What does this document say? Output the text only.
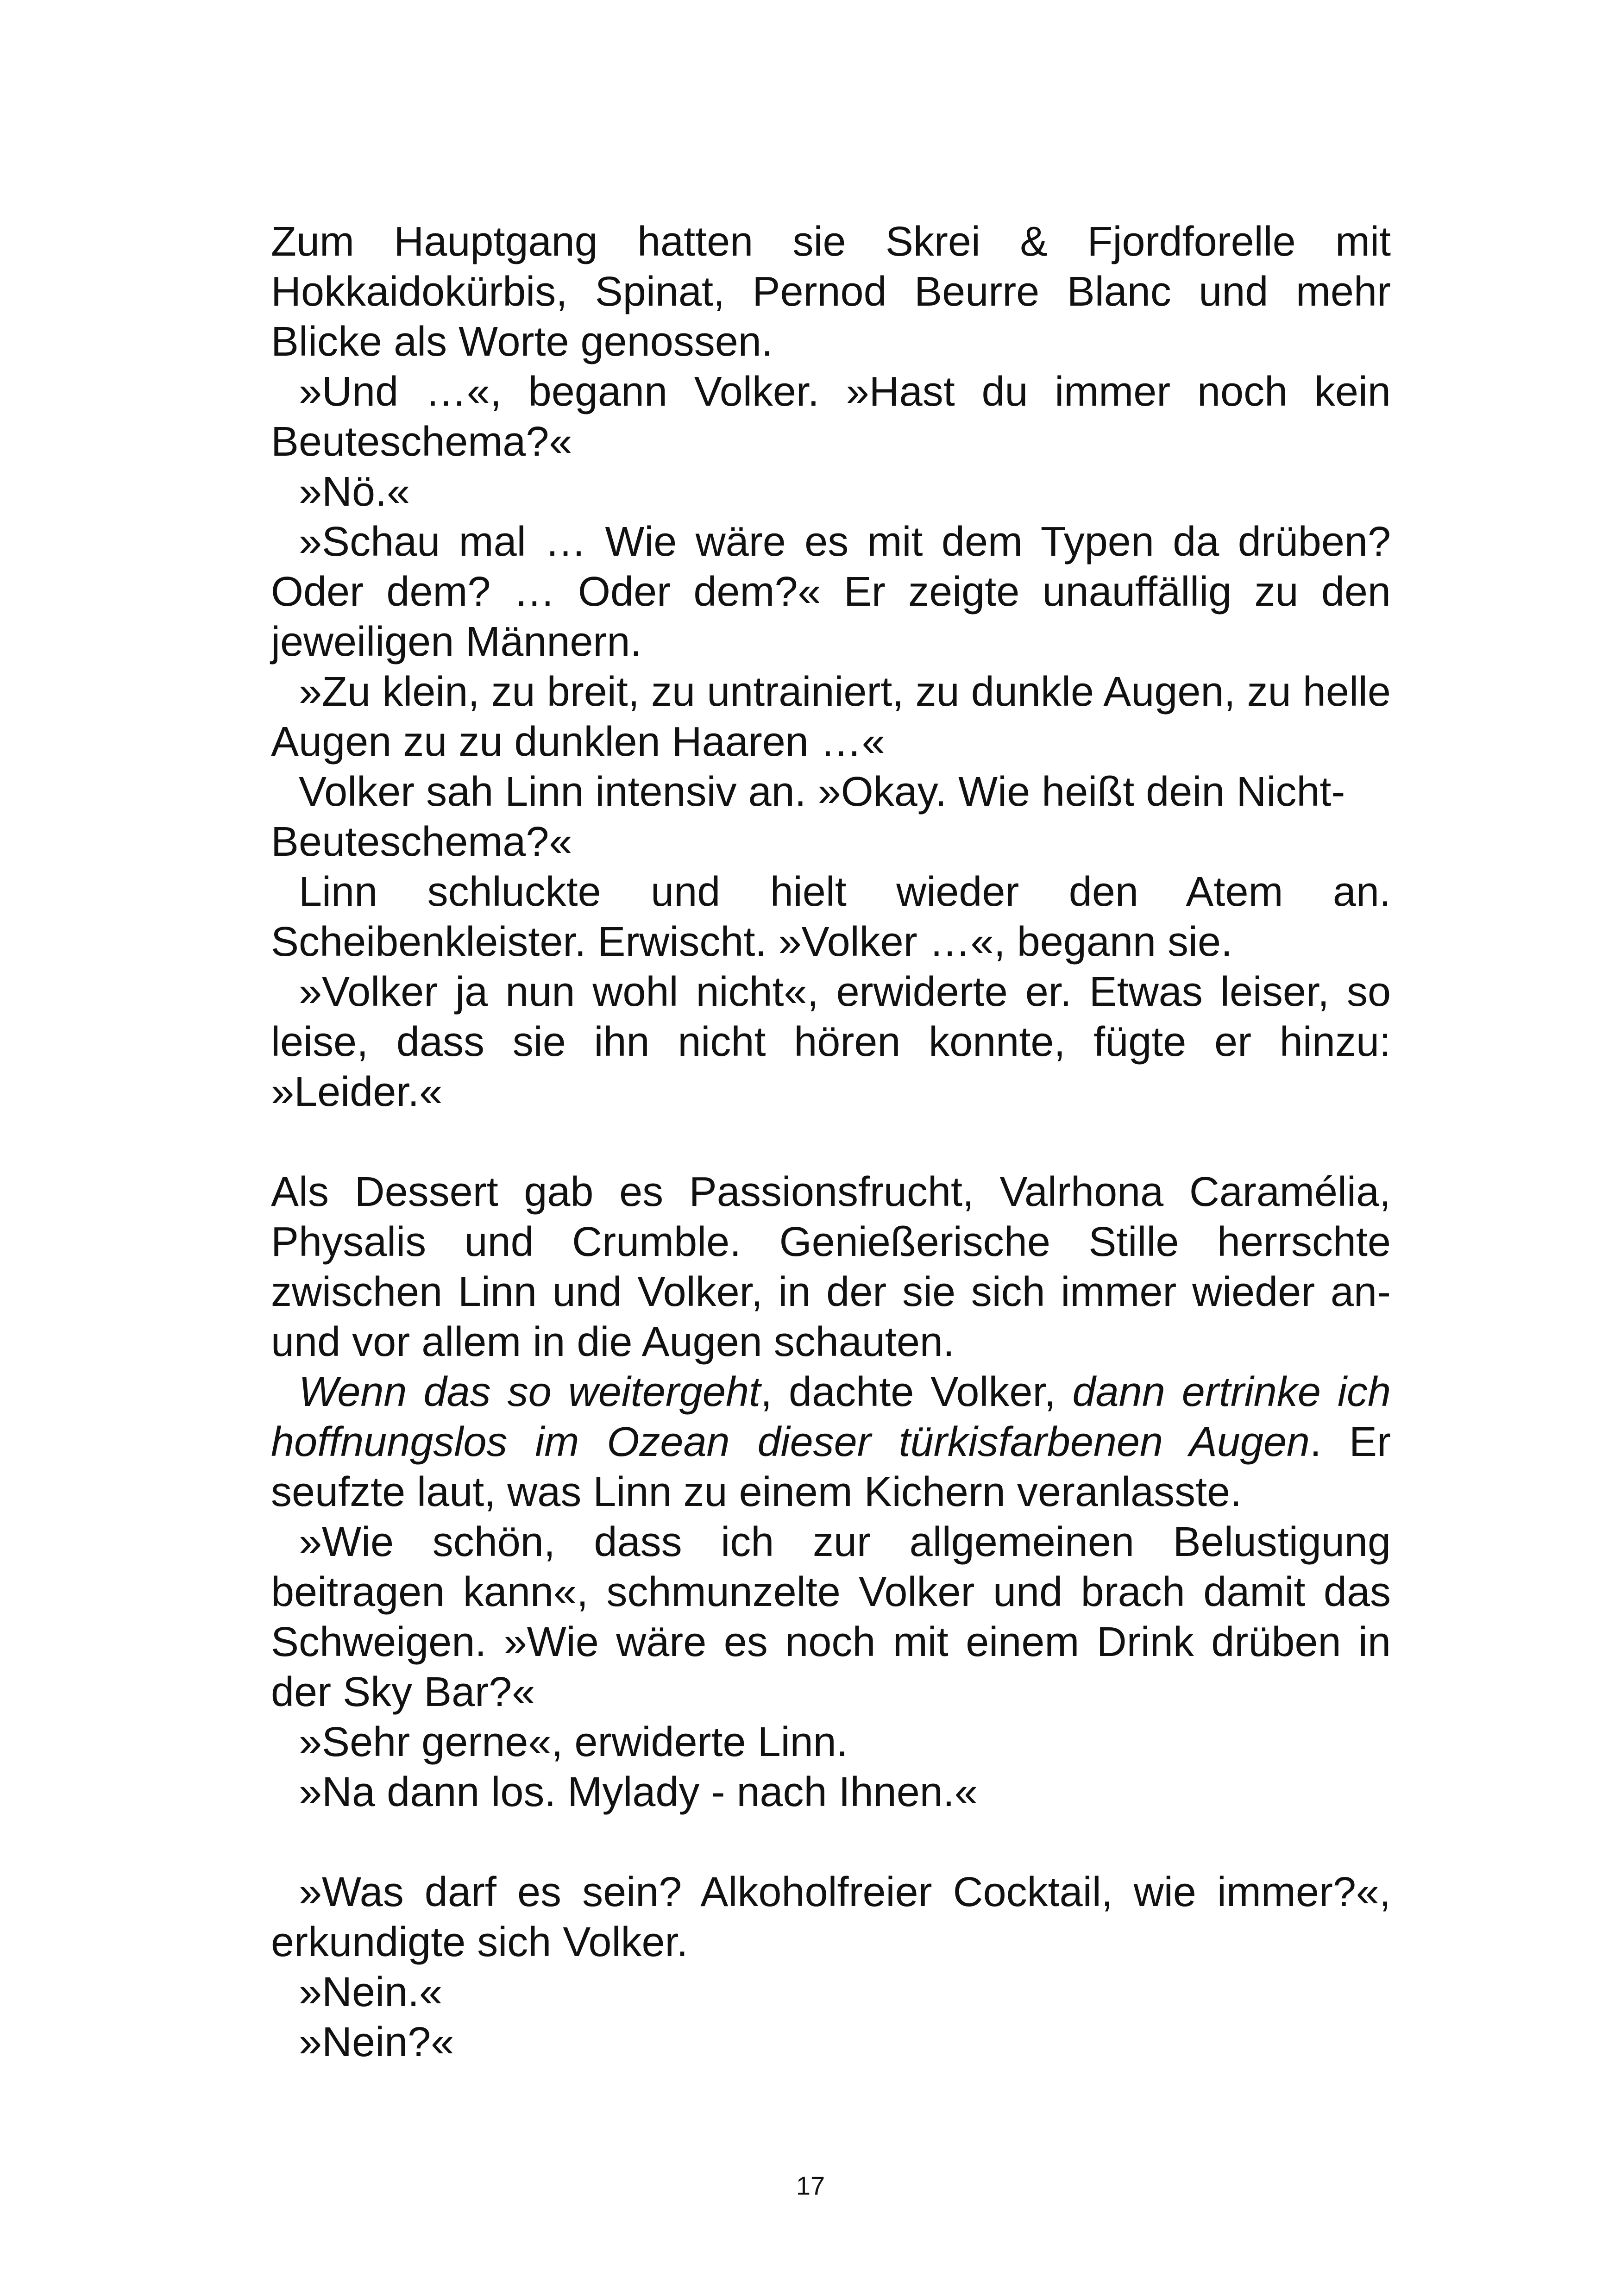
Zum Hauptgang hatten sie Skrei & Fjordforelle mit Hokkaidokürbis, Spinat, Pernod Beurre Blanc und mehr Blicke als Worte genossen.

»Und …«, begann Volker. »Hast du immer noch kein Beuteschema?«

»Nö.«

»Schau mal … Wie wäre es mit dem Typen da drüben? Oder dem? … Oder dem?« Er zeigte unauffällig zu den jeweiligen Männern.

»Zu klein, zu breit, zu untrainiert, zu dunkle Augen, zu helle Augen zu zu dunklen Haaren …«

Volker sah Linn intensiv an. »Okay. Wie heißt dein Nicht-Beuteschema?«

Linn schluckte und hielt wieder den Atem an. Scheibenkleister. Erwischt. »Volker …«, begann sie.

»Volker ja nun wohl nicht«, erwiderte er. Etwas leiser, so leise, dass sie ihn nicht hören konnte, fügte er hinzu: »Leider.«

Als Dessert gab es Passionsfrucht, Valrhona Caramélia, Physalis und Crumble. Genießerische Stille herrschte zwischen Linn und Volker, in der sie sich immer wieder an- und vor allem in die Augen schauten.

Wenn das so weitergeht, dachte Volker, dann ertrinke ich hoffnungslos im Ozean dieser türkisfarbenen Augen. Er seufzte laut, was Linn zu einem Kichern veranlasste.

»Wie schön, dass ich zur allgemeinen Belustigung beitragen kann«, schmunzelte Volker und brach damit das Schweigen. »Wie wäre es noch mit einem Drink drüben in der Sky Bar?«

»Sehr gerne«, erwiderte Linn.

»Na dann los. Mylady - nach Ihnen.«

»Was darf es sein? Alkoholfreier Cocktail, wie immer?«, erkundigte sich Volker.

»Nein.«

»Nein?«

17
